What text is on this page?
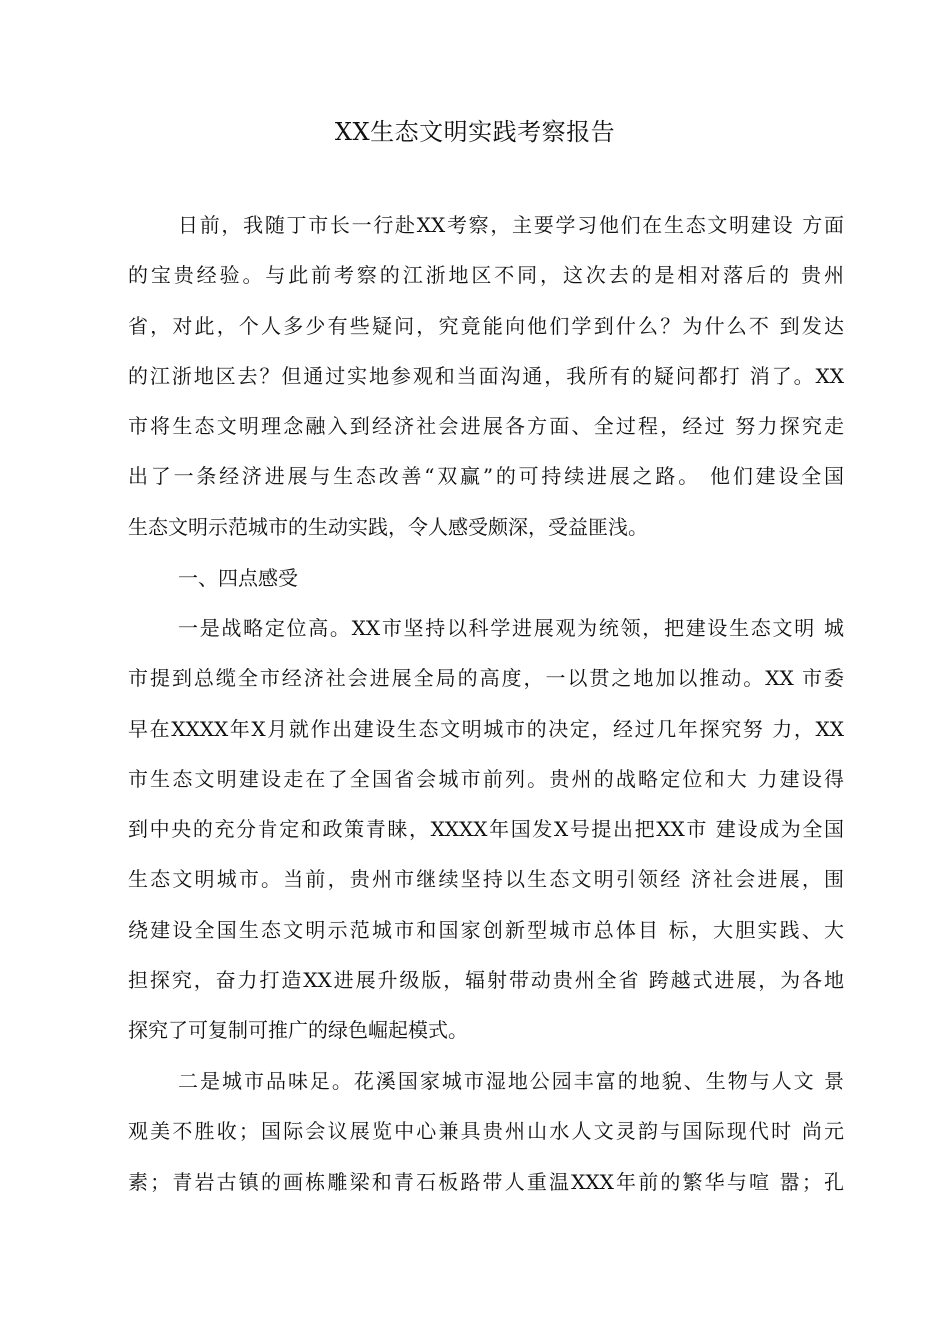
XX生态文明实践考察报告
日前，我随丁市长一行赴XX考察，主要学习他们在生态文明建设 方面
的宝贵经验。与此前考察的江浙地区不同，这次去的是相对落后的 贵州
省，对此，个人多少有些疑问，究竟能向他们学到什么？为什么不 到发达
的江浙地区去？但通过实地参观和当面沟通，我所有的疑问都打 消了。XX
市将生态文明理念融入到经济社会进展各方面、全过程，经过 努力探究走
出了一条经济进展与生态改善“双赢”的可持续进展之路。 他们建设全国
生态文明示范城市的生动实践，令人感受颇深，受益匪浅。
一、四点感受
一是战略定位高。XX市坚持以科学进展观为统领，把建设生态文明 城
市提到总缆全市经济社会进展全局的高度，一以贯之地加以推动。XX 市委
早在XXXX年X月就作出建设生态文明城市的决定，经过几年探究努 力，XX
市生态文明建设走在了全国省会城市前列。贵州的战略定位和大 力建设得
到中央的充分肯定和政策青睐，XXXX年国发X号提出把XX市 建设成为全国
生态文明城市。当前，贵州市继续坚持以生态文明引领经 济社会进展，围
绕建设全国生态文明示范城市和国家创新型城市总体目 标，大胆实践、大
担探究，奋力打造XX进展升级版，辐射带动贵州全省 跨越式进展，为各地
探究了可复制可推广的绿色崛起模式。
二是城市品味足。花溪国家城市湿地公园丰富的地貌、生物与人文 景
观美不胜收；国际会议展览中心兼具贵州山水人文灵韵与国际现代时 尚元
素；青岩古镇的画栋雕梁和青石板路带人重温XXX年前的繁华与喧 嚣；孔
